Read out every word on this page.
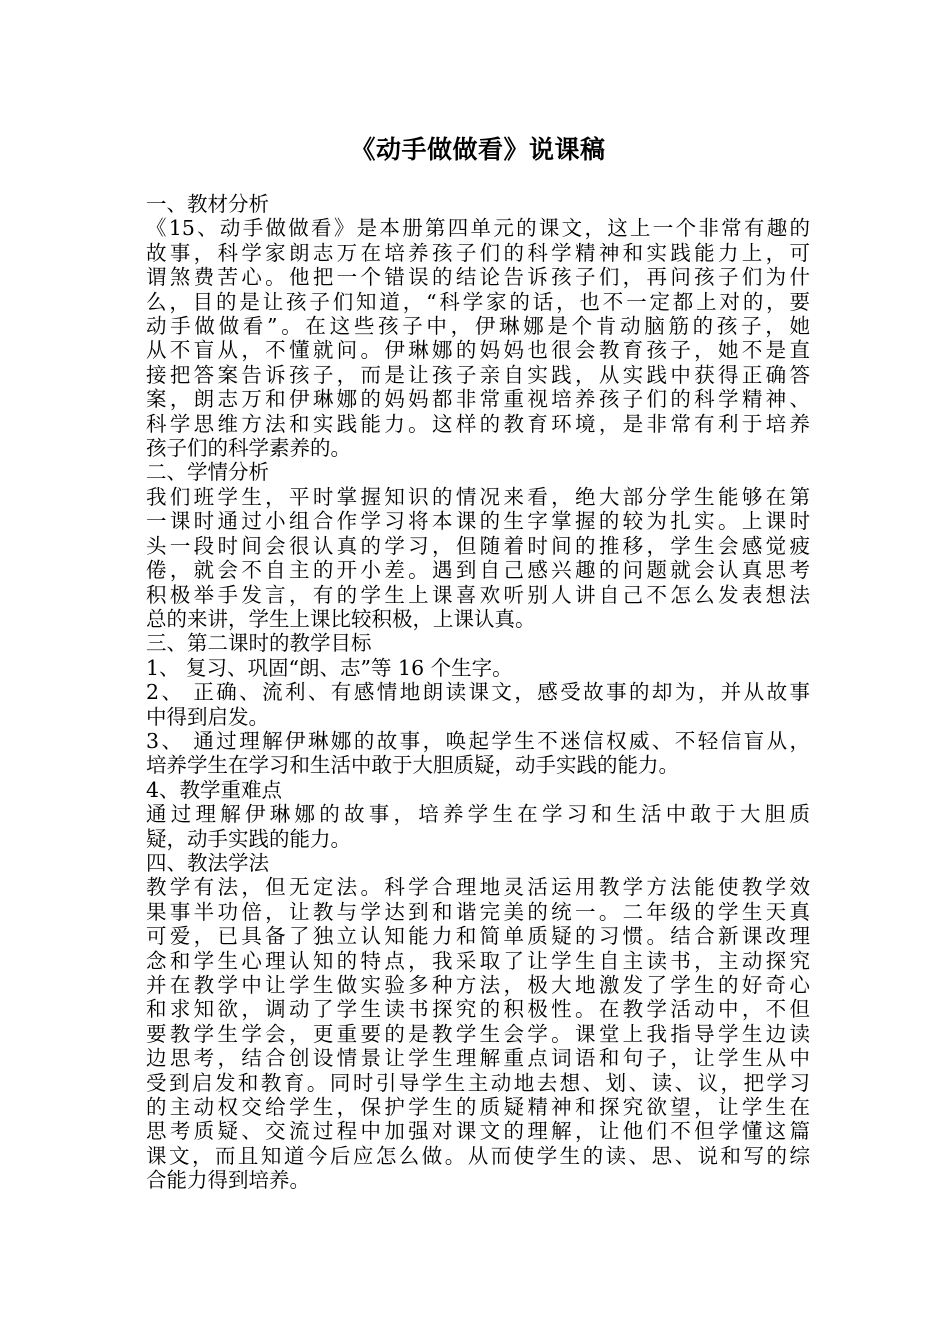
《动手做做看》说课稿
一、教材分析
《15、动手做做看》是本册第四单元的课文，这上一个非常有趣的
故事，科学家朗志万在培养孩子们的科学精神和实践能力上，可
谓煞费苦心。他把一个错误的结论告诉孩子们，再问孩子们为什
么，目的是让孩子们知道，“科学家的话，也不一定都上对的，要
动手做做看”。在这些孩子中，伊琳娜是个肯动脑筋的孩子，她
从不盲从，不懂就问。伊琳娜的妈妈也很会教育孩子，她不是直
接把答案告诉孩子，而是让孩子亲自实践，从实践中获得正确答
案，朗志万和伊琳娜的妈妈都非常重视培养孩子们的科学精神、
科学思维方法和实践能力。这样的教育环境，是非常有利于培养
孩子们的科学素养的。
二、学情分析
我们班学生，平时掌握知识的情况来看，绝大部分学生能够在第
一课时通过小组合作学习将本课的生字掌握的较为扎实。上课时
头一段时间会很认真的学习，但随着时间的推移，学生会感觉疲
倦，就会不自主的开小差。遇到自己感兴趣的问题就会认真思考
积极举手发言，有的学生上课喜欢听别人讲自己不怎么发表想法
总的来讲，学生上课比较积极，上课认真。
三、第二课时的教学目标
1、 复习、巩固“朗、志”等 16 个生字。
2、 正确、流利、有感情地朗读课文，感受故事的却为，并从故事
中得到启发。
3、 通过理解伊琳娜的故事，唤起学生不迷信权威、不轻信盲从，
培养学生在学习和生活中敢于大胆质疑，动手实践的能力。
4、教学重难点
通过理解伊琳娜的故事，培养学生在学习和生活中敢于大胆质
疑，动手实践的能力。
四、教法学法
教学有法，但无定法。科学合理地灵活运用教学方法能使教学效
果事半功倍，让教与学达到和谐完美的统一。二年级的学生天真
可爱，已具备了独立认知能力和简单质疑的习惯。结合新课改理
念和学生心理认知的特点，我采取了让学生自主读书，主动探究
并在教学中让学生做实验多种方法，极大地激发了学生的好奇心
和求知欲，调动了学生读书探究的积极性。在教学活动中，不但
要教学生学会，更重要的是教学生会学。课堂上我指导学生边读
边思考，结合创设情景让学生理解重点词语和句子，让学生从中
受到启发和教育。同时引导学生主动地去想、划、读、议，把学习
的主动权交给学生，保护学生的质疑精神和探究欲望，让学生在
思考质疑、交流过程中加强对课文的理解，让他们不但学懂这篇
课文，而且知道今后应怎么做。从而使学生的读、思、说和写的综
合能力得到培养。
